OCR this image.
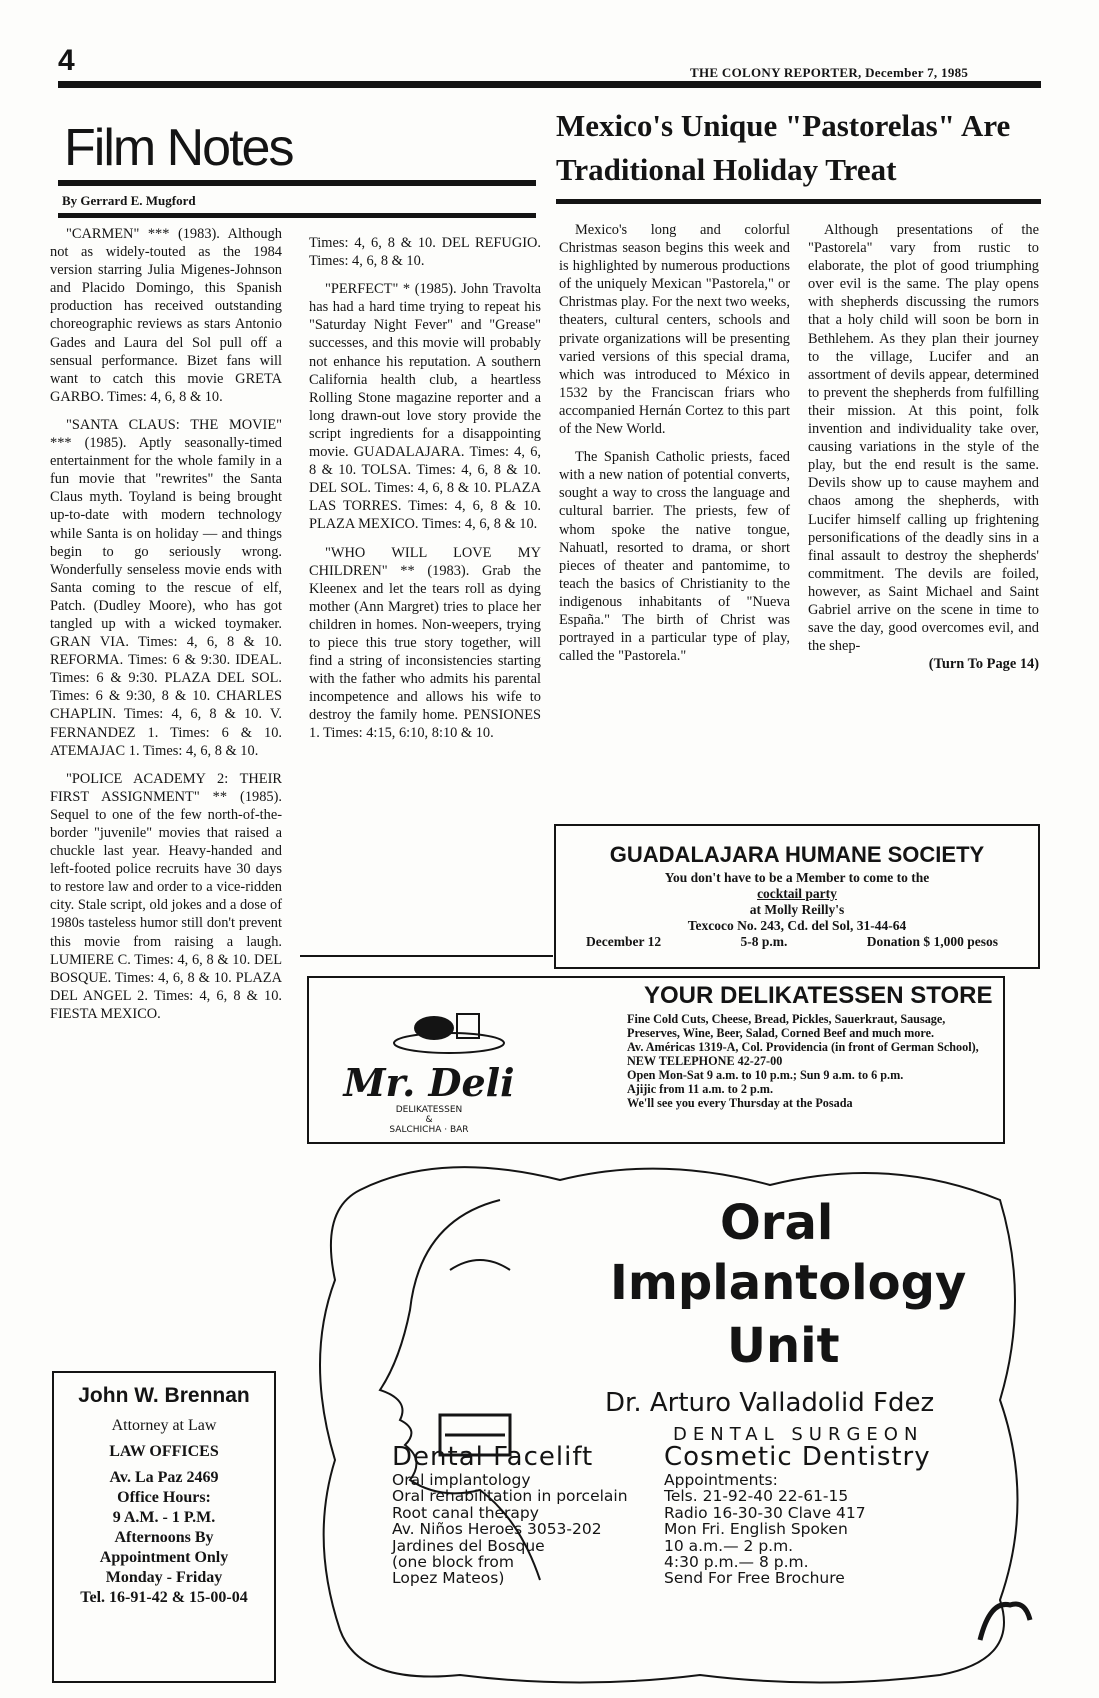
4	THE COLONY REPORTER, December 7, 1985
Film Notes
By Gerrard E. Mugford

"CARMEN" *** (1983). Although not as widely-touted as the 1984 version starring Julia Migenes-Johnson and Placido Domingo, this Spanish production has received outstanding choreographic reviews as stars Antonio Gades and Laura del Sol pull off a sensual performance. Bizet fans will want to catch this movie GRETA GARBO. Times: 4, 6, 8 & 10.

"SANTA CLAUS: THE MOVIE" *** (1985). Aptly seasonally-timed entertainment for the whole family in a fun movie that "rewrites" the Santa Claus myth. Toyland is being brought up-to-date with modern technology while Santa is on holiday — and things begin to go seriously wrong. Wonderfully senseless movie ends with Santa coming to the rescue of elf, Patch. (Dudley Moore), who has got tangled up with a wicked toymaker. GRAN VIA. Times: 4, 6, 8 & 10. REFORMA. Times: 6 & 9:30. IDEAL. Times: 6 & 9:30. PLAZA DEL SOL. Times: 6 & 9:30, 8 & 10. CHARLES CHAPLIN. Times: 4, 6, 8 & 10. V. FERNANDEZ 1. Times: 6 & 10. ATEMAJAC 1. Times: 4, 6, 8 & 10.

"POLICE ACADEMY 2: THEIR FIRST ASSIGNMENT" ** (1985). Sequel to one of the few north-of-the-border "juvenile" movies that raised a chuckle last year. Heavy-handed and left-footed police recruits have 30 days to restore law and order to a vice-ridden city. Stale script, old jokes and a dose of 1980s tasteless humor still don't prevent this movie from raising a laugh. LUMIERE C. Times: 4, 6, 8 & 10. DEL BOSQUE. Times: 4, 6, 8 & 10. PLAZA DEL ANGEL 2. Times: 4, 6, 8 & 10. FIESTA MEXICO.

Times: 4, 6, 8 & 10. DEL REFUGIO. Times: 4, 6, 8 & 10.

"PERFECT" * (1985). John Travolta has had a hard time trying to repeat his "Saturday Night Fever" and "Grease" successes, and this movie will probably not enhance his reputation. A southern California health club, a heartless Rolling Stone magazine reporter and a long drawn-out love story provide the script ingredients for a disappointing movie. GUADALAJARA. Times: 4, 6, 8 & 10. TOLSA. Times: 4, 6, 8 & 10. DEL SOL. Times: 4, 6, 8 & 10. PLAZA LAS TORRES. Times: 4, 6, 8 & 10. PLAZA MEXICO. Times: 4, 6, 8 & 10.

"WHO WILL LOVE MY CHILDREN" ** (1983). Grab the Kleenex and let the tears roll as dying mother (Ann Margret) tries to place her children in homes. Non-weepers, trying to piece this true story together, will find a string of inconsistencies starting with the father who admits his parental incompetence and allows his wife to destroy the family home. PENSIONES 1. Times: 4:15, 6:10, 8:10 & 10.

Mexico's Unique "Pastorelas" Are Traditional Holiday Treat

Mexico's long and colorful Christmas season begins this week and is highlighted by numerous productions of the uniquely Mexican "Pastorela," or Christmas play. For the next two weeks, theaters, cultural centers, schools and private organizations will be presenting varied versions of this special drama, which was introduced to México in 1532 by the Franciscan friars who accompanied Hernán Cortez to this part of the New World.

The Spanish Catholic priests, faced with a new nation of potential converts, sought a way to cross the language and cultural barrier. The priests, few of whom spoke the native tongue, Nahuatl, resorted to drama, or short pieces of theater and pantomime, to teach the basics of Christianity to the indigenous inhabitants of "Nueva España." The birth of Christ was portrayed in a particular type of play, called the "Pastorela."

Although presentations of the "Pastorela" vary from rustic to elaborate, the plot of good triumphing over evil is the same. The play opens with shepherds discussing the rumors that a holy child will soon be born in Bethlehem. As they plan their journey to the village, Lucifer and an assortment of devils appear, determined to prevent the shepherds from fulfilling their mission. At this point, folk invention and individuality take over, causing variations in the style of the play, but the end result is the same. Devils show up to cause mayhem and chaos among the shepherds, with Lucifer himself calling up frightening personifications of the deadly sins in a final assault to destroy the shepherds' commitment. The devils are foiled, however, as Saint Michael and Saint Gabriel arrive on the scene in time to save the day, good overcomes evil, and the shep-

(Turn To Page 14)
GUADALAJARA HUMANE SOCIETY
You don't have to be a Member to come to the
cocktail party
at Molly Reilly's
Texcoco No. 243, Cd. del Sol, 31-44-64
December 12	5-8 p.m.	Donation $ 1,000 pesos
Mr. Deli
DELIKATESSEN
&
SALCHICHA · BAR
YOUR DELIKATESSEN STORE
Fine Cold Cuts, Cheese, Bread, Pickles, Sauerkraut, Sausage, Preserves, Wine, Beer, Salad, Corned Beef and much more.
Av. Américas 1319-A, Col. Providencia (in front of German School), NEW TELEPHONE 42-27-00
Open Mon-Sat 9 a.m. to 10 p.m.; Sun 9 a.m. to 6 p.m.
Ajijic from 11 a.m. to 2 p.m.
We'll see you every Thursday at the Posada
John W. Brennan
Attorney at Law
LAW OFFICES
Av. La Paz 2469
Office Hours:
9 A.M. - 1 P.M.
Afternoons By
Appointment Only
Monday - Friday
Tel. 16-91-42 & 15-00-04
Oral
Implantology
Unit
Dr. Arturo Valladolid Fdez
DENTAL SURGEON
Dental Facelift	Cosmetic Dentistry
Oral implantology
Oral rehabilitation in porcelain
Root canal therapy
Av. Niños Heroes 3053-202
Jardines del Bosque
(one block from
Lopez Mateos)
Appointments:
Tels. 21-92-40 22-61-15
Radio 16-30-30 Clave 417
Mon Fri. English Spoken
10 a.m.— 2 p.m.
4:30 p.m.— 8 p.m.
Send For Free Brochure
